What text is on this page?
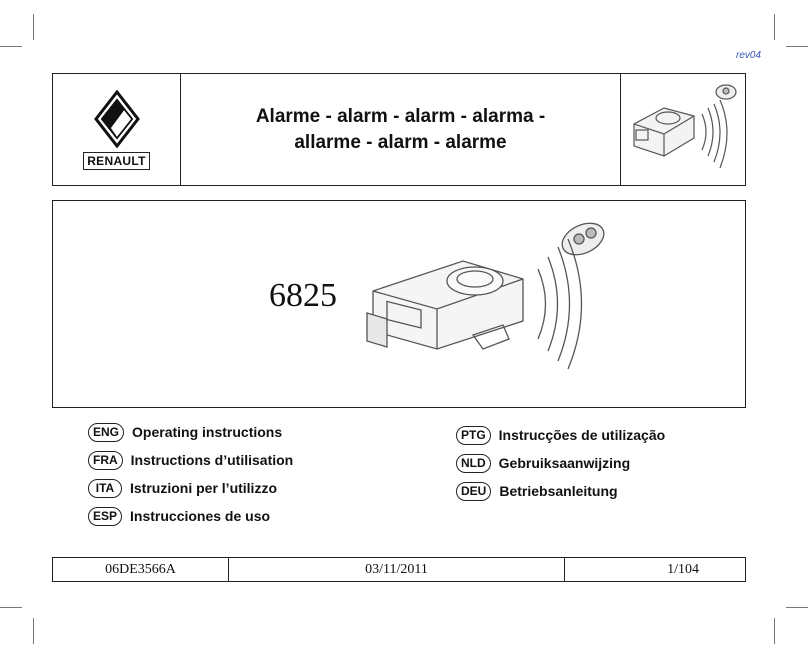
rev04
RENAULT
Alarme - alarm - alarm - alarma -
allarme - alarm - alarme
6825
ENG Operating instructions
FRA Instructions d’utilisation
ITA	Istruzioni per l’utilizzo
ESP Instrucciones de uso
PTG Instrucções de utilização
NLD Gebruiksaanwijzing
DEU Betriebsanleitung
06DE3566A	03/11/2011	1/104
